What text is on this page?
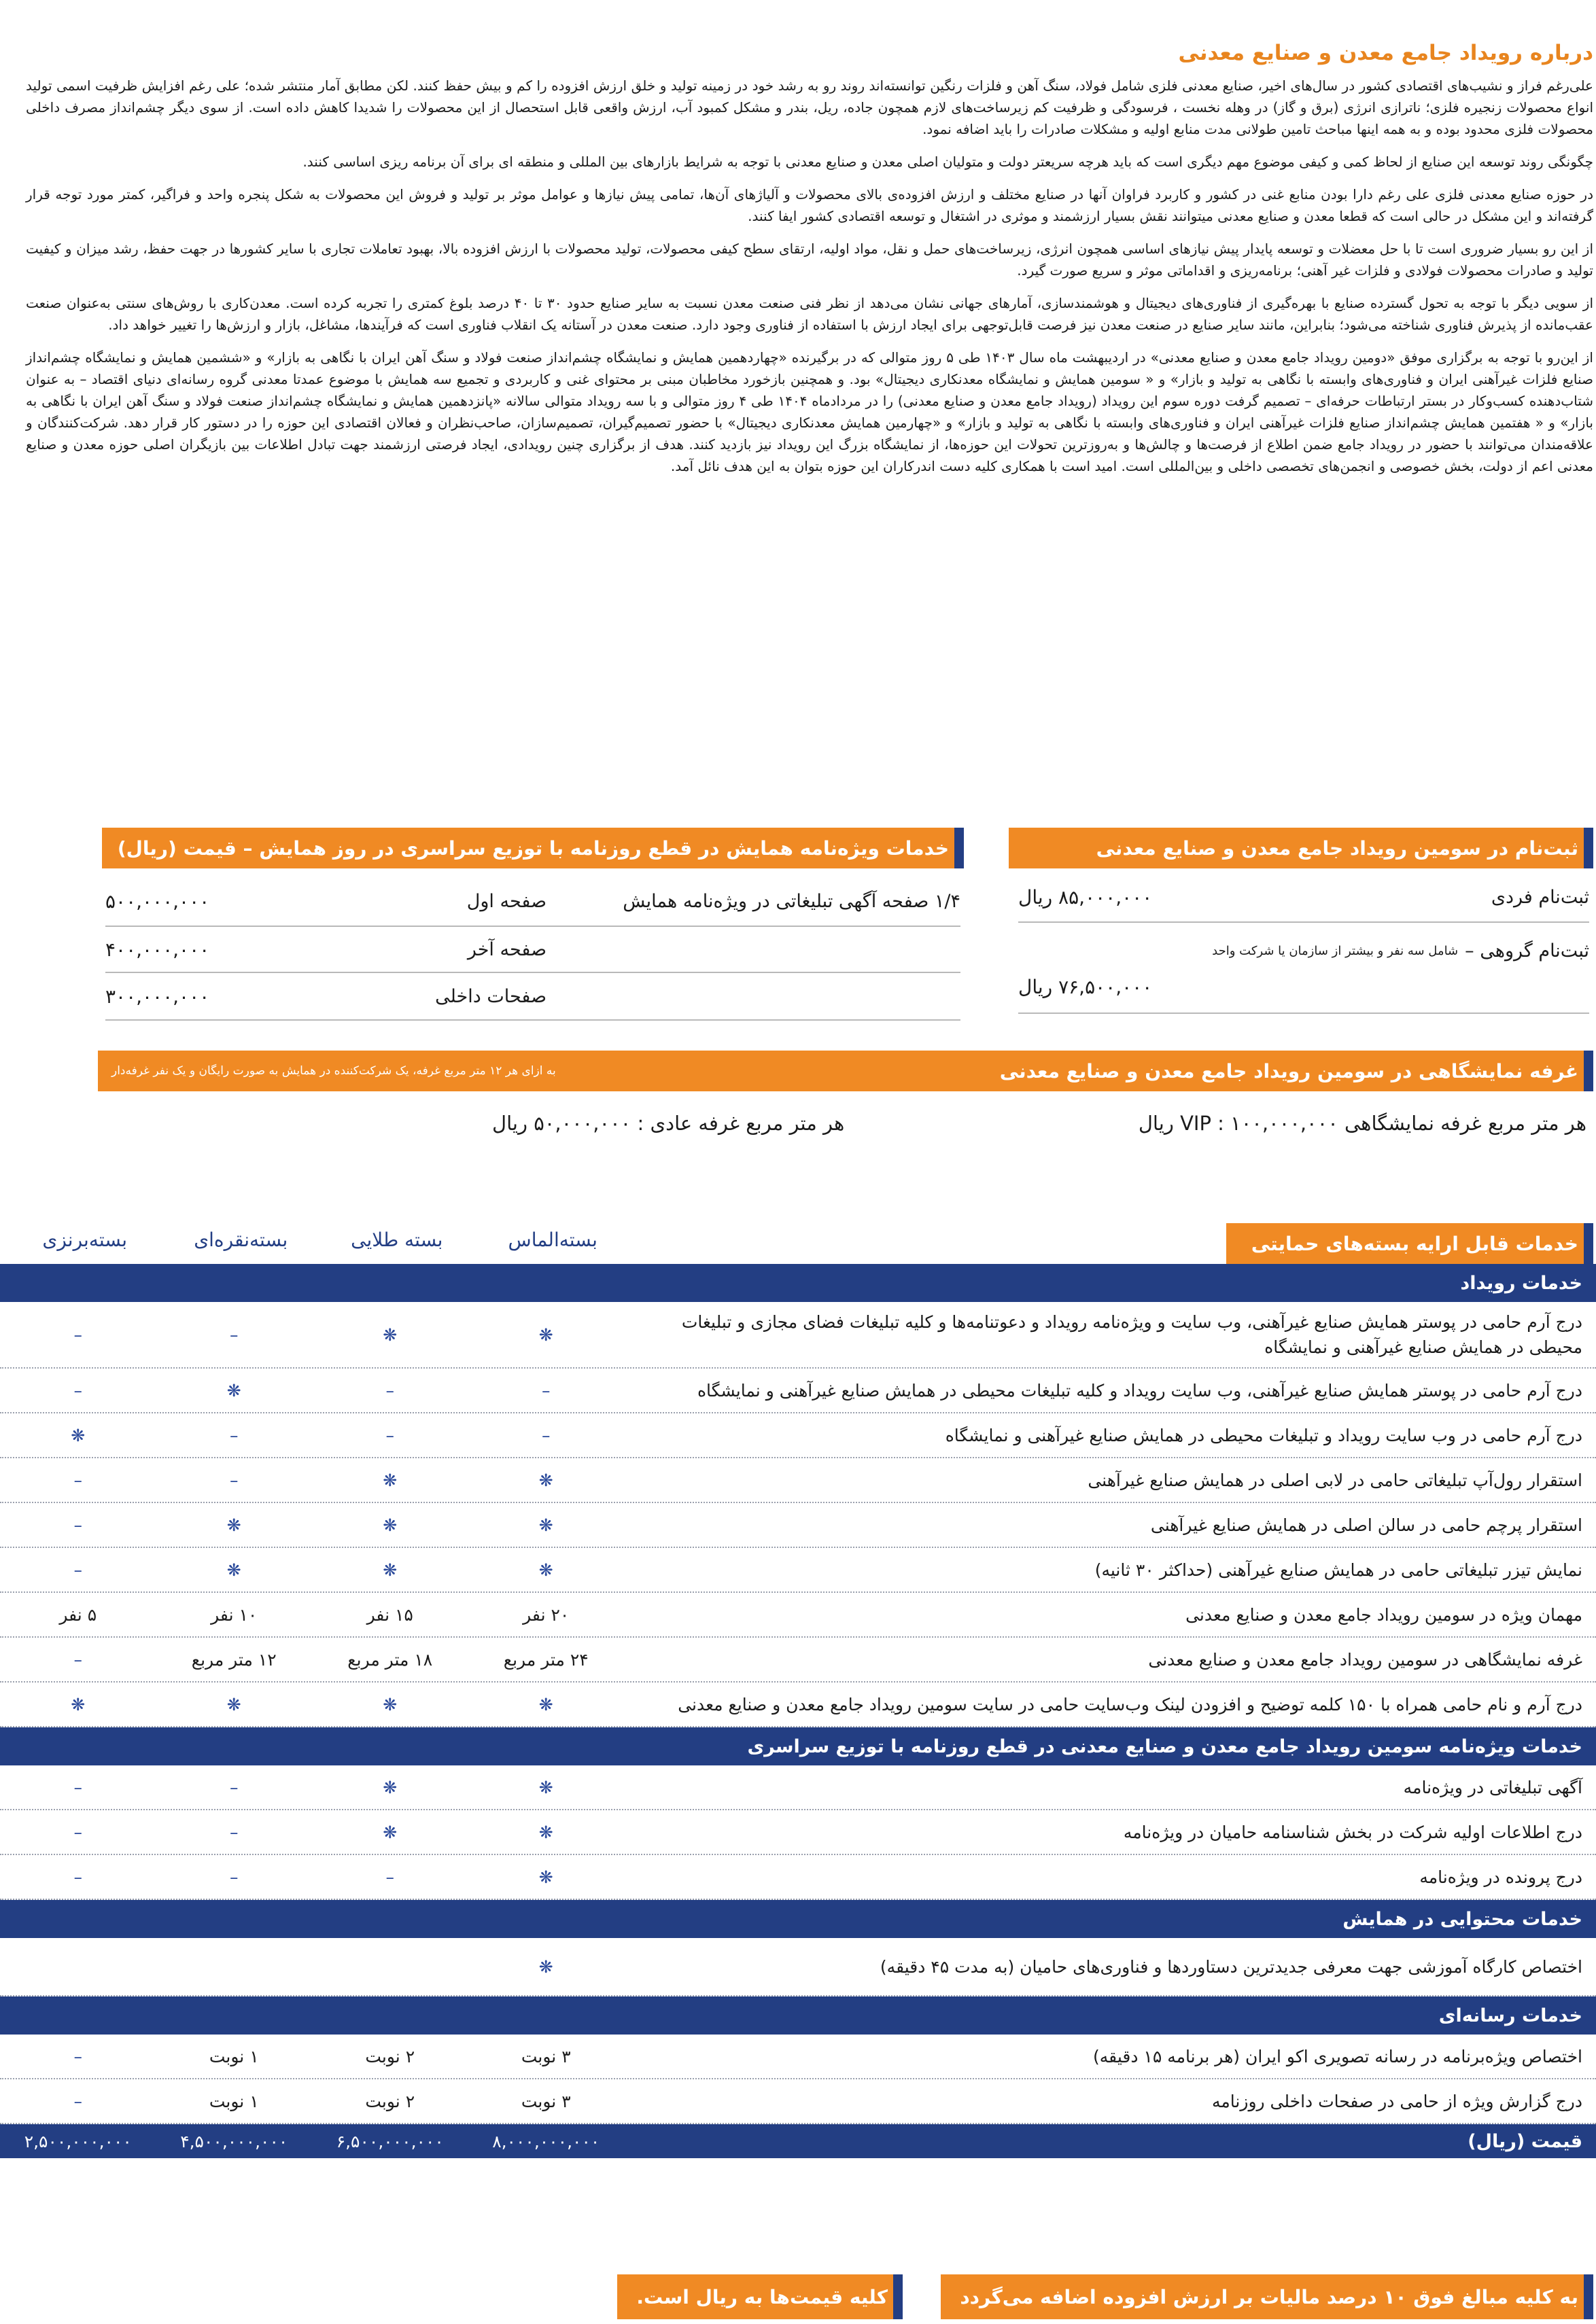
درباره رویداد جامع معدن و صنایع معدنی

علی‌رغم فراز و نشیب‌های اقتصادی کشور در سال‌های اخیر، صنایع معدنی فلزی شامل فولاد، سنگ آهن و فلزات رنگین توانسته‌اند روند رو به رشد خود در زمینه تولید و خلق ارزش افزوده را کم و بیش حفظ کنند. لکن مطابق آمار منتشر شده؛ علی رغم افزایش ظرفیت اسمی تولید انواع محصولات زنجیره فلزی؛ ناترازی انرژی (برق و گاز) در وهله نخست ، فرسودگی و ظرفیت کم زیرساخت‌های لازم همچون جاده، ریل، بندر و مشکل کمبود آب، ارزش واقعی قابل استحصال از این محصولات را شدیدا کاهش داده است. از سوی دیگر چشم‌انداز مصرف داخلی محصولات فلزی محدود بوده و به همه اینها مباحث تامین طولانی مدت منابع اولیه و مشکلات صادرات را باید اضافه نمود.

چگونگی روند توسعه این صنایع از لحاظ کمی و کیفی موضوع مهم دیگری است که باید هرچه سریعتر دولت و متولیان اصلی معدن و صنایع معدنی با توجه به شرایط بازارهای بین المللی و منطقه ای برای آن برنامه ریزی اساسی کنند.

در حوزه صنایع معدنی فلزی علی رغم دارا بودن منابع غنی در کشور و کاربرد فراوان آنها در صنایع مختلف و ارزش افزوده‌ی بالای محصولات و آلیاژهای آن‌ها، تمامی پیش نیازها و عوامل موثر بر تولید و فروش این محصولات به شکل پنجره واحد و فراگیر، کمتر مورد توجه قرار گرفته‌اند و این مشکل در حالی است که قطعا معدن و صنایع معدنی میتوانند نقش بسیار ارزشمند و موثری در اشتغال و توسعه اقتصادی کشور ایفا کنند.

از این رو بسیار ضروری است تا با حل معضلات و توسعه پایدار پیش نیازهای اساسی همچون انرژی، زیرساخت‌های حمل و نقل، مواد اولیه، ارتقای سطح کیفی محصولات، تولید محصولات با ارزش افزوده بالا، بهبود تعاملات تجاری با سایر کشورها در جهت حفظ، رشد میزان و کیفیت تولید و صادرات محصولات فولادی و فلزات غیر آهنی؛ برنامه‌ریزی و اقداماتی موثر و سریع صورت گیرد.

از سویی دیگر با توجه به تحول گسترده صنایع با بهره‌گیری از فناوری‌های دیجیتال و هوشمندسازی، آمارهای جهانی نشان می‌دهد از نظر فنی صنعت معدن نسبت به سایر صنایع حدود ۳۰ تا ۴۰ درصد بلوغ کمتری را تجربه کرده است. معدن‌کاری با روش‌های سنتی به‌عنوان صنعت عقب‌مانده از پذیرش فناوری شناخته می‌شود؛ بنابراین، مانند سایر صنایع در صنعت معدن نیز فرصت قابل‌توجهی برای ایجاد ارزش با استفاده از فناوری وجود دارد. صنعت معدن در آستانه یک انقلاب فناوری است که فرآیندها، مشاغل، بازار و ارزش‌ها را تغییر خواهد داد.

از این‌رو با توجه به برگزاری موفق «دومین رویداد جامع معدن و صنایع معدنی» در اردیبهشت ماه سال ۱۴۰۳ طی ۵ روز متوالی که در برگیرنده «چهاردهمین همایش و نمایشگاه چشم‌انداز صنعت فولاد و سنگ آهن ایران با نگاهی به بازار» و «ششمین همایش و نمایشگاه چشم‌انداز صنایع فلزات غیرآهنی ایران و فناوری‌های وابسته با نگاهی به تولید و بازار» و « سومین همایش و نمایشگاه معدنکاری دیجیتال» بود. و همچنین بازخورد مخاطبان مبنی بر محتوای غنی و کاربردی و تجمیع سه همایش با موضوع عمدتا معدنی گروه رسانه‌ای دنیای اقتصاد – به عنوان شتاب‌دهنده کسب‌وکار در بستر ارتباطات حرفه‌ای – تصمیم گرفت دوره سوم این رویداد (رویداد جامع معدن و صنایع معدنی) را در مردادماه ۱۴۰۴ طی ۴ روز متوالی و با سه رویداد متوالی سالانه «پانزدهمین همایش و نمایشگاه چشم‌انداز صنعت فولاد و سنگ آهن ایران با نگاهی به بازار» و « هفتمین همایش چشم‌انداز صنایع فلزات غیرآهنی ایران و فناوری‌های وابسته با نگاهی به تولید و بازار» و «چهارمین همایش معدنکاری دیجیتال» با حضور تصمیم‌گیران، تصمیم‌سازان، صاحب‌نظران و فعالان اقتصادی این حوزه را در دستور کار قرار دهد. شرکت‌کنندگان و علاقه‌مندان می‌توانند با حضور در رویداد جامع ضمن اطلاع از فرصت‌ها و چالش‌ها و به‌روزترین تحولات این حوزه‌ها، از نمایشگاه بزرگ این رویداد نیز بازدید کنند. هدف از برگزاری چنین رویدادی، ایجاد فرصتی ارزشمند جهت تبادل اطلاعات بین بازیگران اصلی حوزه معدن و صنایع معدنی اعم از دولت، بخش خصوصی و انجمن‌های تخصصی داخلی و بین‌المللی است. امید است با همکاری کلیه دست اندرکاران این حوزه بتوان به این هدف نائل آمد.

ثبت‌نام در سومین رویداد جامع معدن و صنایع معدنی
ثبت‌نام فردی
۸۵,۰۰۰,۰۰۰ ریال
ثبت‌نام گروهی –
شامل سه نفر و بیشتر از سازمان یا شرکت واحد
۷۶,۵۰۰,۰۰۰ ریال
خدمات ویژه‌نامه همایش در قطع روزنامه با توزیع سراسری در روز همایش – قیمت (ریال)
۱/۴ صفحه آگهی تبلیغاتی در ویژه‌نامه همایش
صفحه اول
۵۰۰,۰۰۰,۰۰۰
صفحه آخر
۴۰۰,۰۰۰,۰۰۰
صفحات داخلی
۳۰۰,۰۰۰,۰۰۰
غرفه نمایشگاهی در سومین رویداد جامع معدن و صنایع معدنی
به ازای هر ۱۲ متر مربع غرفه، یک شرکت‌کننده در همایش به صورت رایگان و یک نفر غرفه‌دار
هر متر مربع غرفه نمایشگاهی VIP : ۱۰۰,۰۰۰,۰۰۰ ریال
هر متر مربع غرفه عادی : ۵۰,۰۰۰,۰۰۰ ریال
خدمات قابل ارایه بسته‌های حمایتی
بسته‌الماس
بسته طلایی
بسته‌نقره‌ای
بسته‌برنزی
خدمات رویداد
درج آرم حامی در پوستر همایش صنایع غیرآهنی، وب سایت و ویژه‌نامه رویداد و دعوتنامه‌ها و کلیه تبلیغات فضای مجازی و تبلیغات محیطی در همایش صنایع غیرآهنی و نمایشگاه
❋
❋
–
–
درج آرم حامی در پوستر همایش صنایع غیرآهنی، وب سایت رویداد و کلیه تبلیغات محیطی در همایش صنایع غیرآهنی و نمایشگاه
–
–
❋
–
درج آرم حامی در وب سایت رویداد و تبلیغات محیطی در همایش صنایع غیرآهنی و نمایشگاه
–
–
–
❋
استقرار رول‌آپ تبلیغاتی حامی در لابی اصلی در همایش صنایع غیرآهنی
❋
❋
–
–
استقرار پرچم حامی در سالن اصلی در همایش صنایع غیرآهنی
❋
❋
❋
–
نمایش تیزر تبلیغاتی حامی در همایش صنایع غیرآهنی (حداکثر ۳۰ ثانیه)
❋
❋
❋
–
مهمان ویژه در سومین رویداد جامع معدن و صنایع معدنی
۲۰ نفر
۱۵ نفر
۱۰ نفر
۵ نفر
غرفه نمایشگاهی در سومین رویداد جامع معدن و صنایع معدنی
۲۴ متر مربع
۱۸ متر مربع
۱۲ متر مربع
–
درج آرم و نام حامی همراه با ۱۵۰ کلمه توضیح و افزودن لینک وب‌سایت حامی در سایت سومین رویداد جامع معدن و صنایع معدنی
❋
❋
❋
❋
خدمات ویژه‌نامه سومین رویداد جامع معدن و صنایع معدنی در قطع روزنامه با توزیع سراسری
آگهی تبلیغاتی در ویژه‌نامه
❋
❋
–
–
درج اطلاعات اولیه شرکت در بخش شناسنامه حامیان در ویژه‌نامه
❋
❋
–
–
درج پرونده در ویژه‌نامه
❋
–
–
–
خدمات محتوایی در همایش
اختصاص کارگاه آموزشی جهت معرفی جدیدترین دستاوردها و فناوری‌های حامیان (به مدت ۴۵ دقیقه)
❋
خدمات رسانه‌ای
اختصاص ویژه‌برنامه در رسانه تصویری اکو ایران (هر برنامه ۱۵ دقیقه)
۳ نوبت
۲ نوبت
۱ نوبت
–
درج گزارش ویژه از حامی در صفحات داخلی روزنامه
۳ نوبت
۲ نوبت
۱ نوبت
–
قیمت (ریال)
۸,۰۰۰,۰۰۰,۰۰۰
۶,۵۰۰,۰۰۰,۰۰۰
۴,۵۰۰,۰۰۰,۰۰۰
۲,۵۰۰,۰۰۰,۰۰۰
به کلیه مبالغ فوق ۱۰ درصد مالیات بر ارزش افزوده اضافه می‌گردد
کلیه قیمت‌ها به ریال است.
